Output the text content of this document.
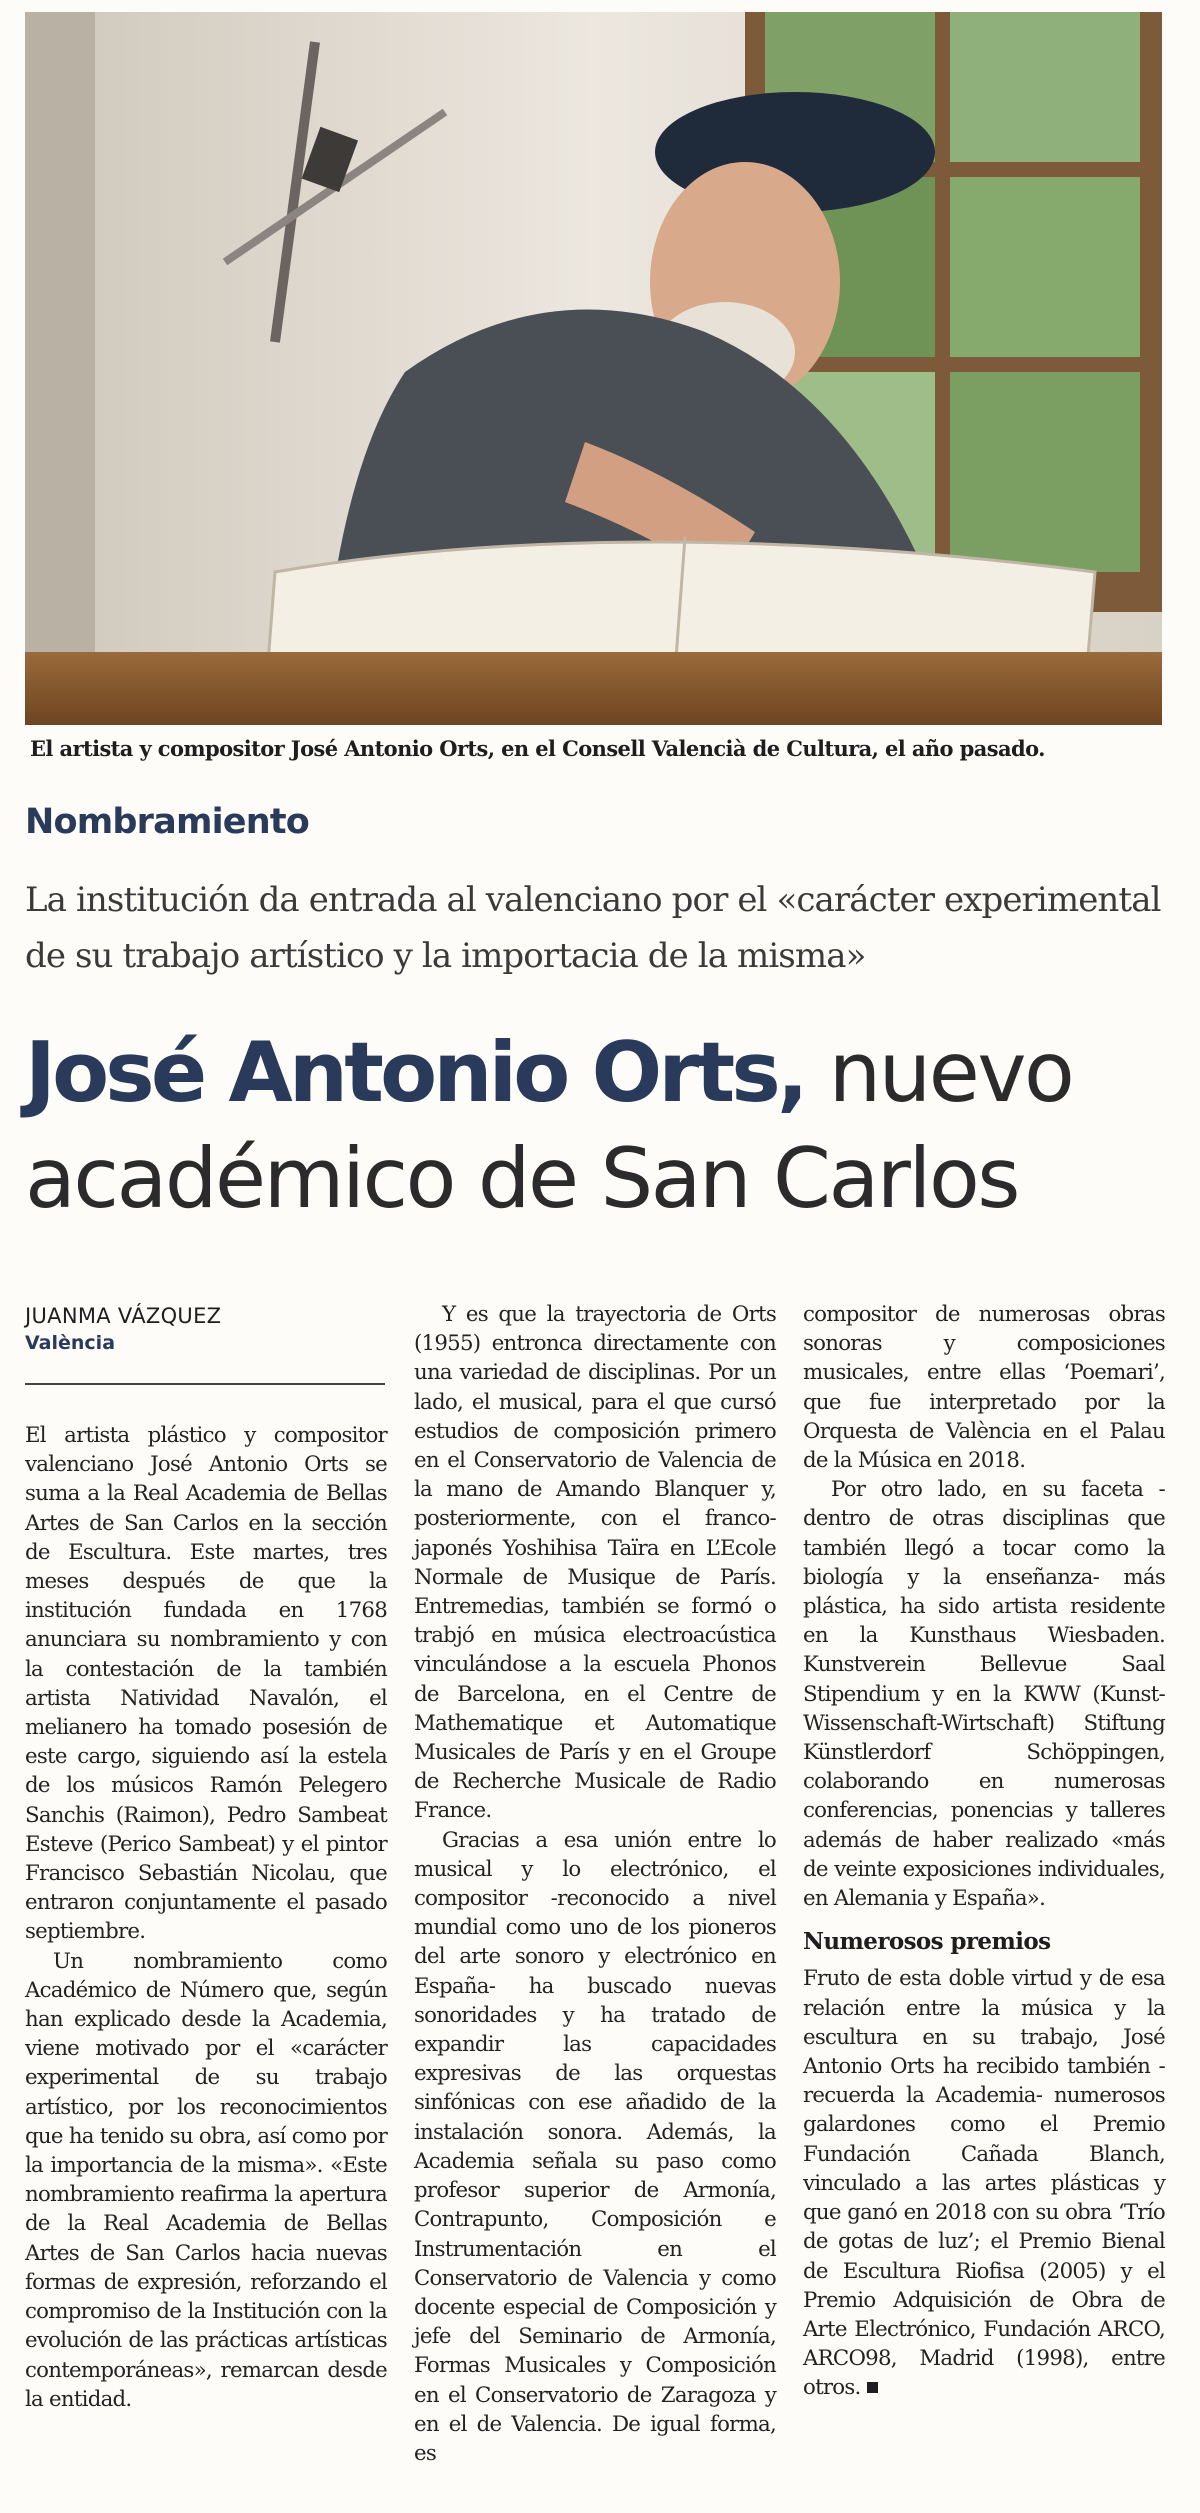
El artista y compositor José Antonio Orts, en el Consell Valencià de Cultura, el año pasado.
Nombramiento
La institución da entrada al valenciano por el «carácter experimental de su trabajo artístico y la importacia de la misma»
José Antonio Orts, nuevo
académico de San Carlos
JUANMA VÁZQUEZ
València

El artista plástico y compositor valenciano José Antonio Orts se suma a la Real Academia de Bellas Artes de San Carlos en la sección de Escultura. Este martes, tres meses después de que la institución fundada en 1768 anunciara su nombramiento y con la contestación de la también artista Natividad Navalón, el melianero ha tomado posesión de este cargo, siguiendo así la estela de los músicos Ramón Pelegero Sanchis (Raimon), Pedro Sambeat Esteve (Perico Sambeat) y el pintor Francisco Sebastián Nicolau, que entraron conjuntamente el pasado septiembre.

Un nombramiento como Académico de Número que, según han explicado desde la Academia, viene motivado por el «carácter experimental de su trabajo artístico, por los reconocimientos que ha tenido su obra, así como por la importancia de la misma». «Este nombramiento reafirma la apertura de la Real Academia de Bellas Artes de San Carlos hacia nuevas formas de expresión, reforzando el compromiso de la Institución con la evolución de las prácticas artísticas contemporáneas», remarcan desde la entidad.

Y es que la trayectoria de Orts (1955) entronca directamente con una variedad de disciplinas. Por un lado, el musical, para el que cursó estudios de composición primero en el Conservatorio de Valencia de la mano de Amando Blanquer y, posteriormente, con el franco-japonés Yoshihisa Taïra en L’Ecole Normale de Musique de París. Entremedias, también se formó o trabjó en música electroacústica vinculándose a la escuela Phonos de Barcelona, en el Centre de Mathematique et Automatique Musicales de París y en el Groupe de Recherche Musicale de Radio France.

Gracias a esa unión entre lo musical y lo electrónico, el compositor -reconocido a nivel mundial como uno de los pioneros del arte sonoro y electrónico en España- ha buscado nuevas sonoridades y ha tratado de expandir las capacidades expresivas de las orquestas sinfónicas con ese añadido de la instalación sonora. Además, la Academia señala su paso como profesor superior de Armonía, Contrapunto, Composición e Instrumentación en el Conservatorio de Valencia y como docente especial de Composición y jefe del Seminario de Armonía, Formas Musicales y Composición en el Conservatorio de Zaragoza y en el de Valencia. De igual forma, es

compositor de numerosas obras sonoras y composiciones musicales, entre ellas ‘Poemari’, que fue interpretado por la Orquesta de València en el Palau de la Música en 2018.

Por otro lado, en su faceta -dentro de otras disciplinas que también llegó a tocar como la biología y la enseñanza- más plástica, ha sido artista residente en la Kunsthaus Wiesbaden. Kunstverein Bellevue Saal Stipendium y en la KWW (Kunst-Wissenschaft-Wirtschaft) Stiftung Künstlerdorf Schöppingen, colaborando en numerosas conferencias, ponencias y talleres además de haber realizado «más de veinte exposiciones individuales, en Alemania y España».

Numerosos premios

Fruto de esta doble virtud y de esa relación entre la música y la escultura en su trabajo, José Antonio Orts ha recibido también -recuerda la Academia- numerosos galardones como el Premio Fundación Cañada Blanch, vinculado a las artes plásticas y que ganó en 2018 con su obra ‘Trío de gotas de luz’; el Premio Bienal de Escultura Riofisa (2005) y el Premio Adquisición de Obra de Arte Electrónico, Fundación ARCO, ARCO98, Madrid (1998), entre otros.
